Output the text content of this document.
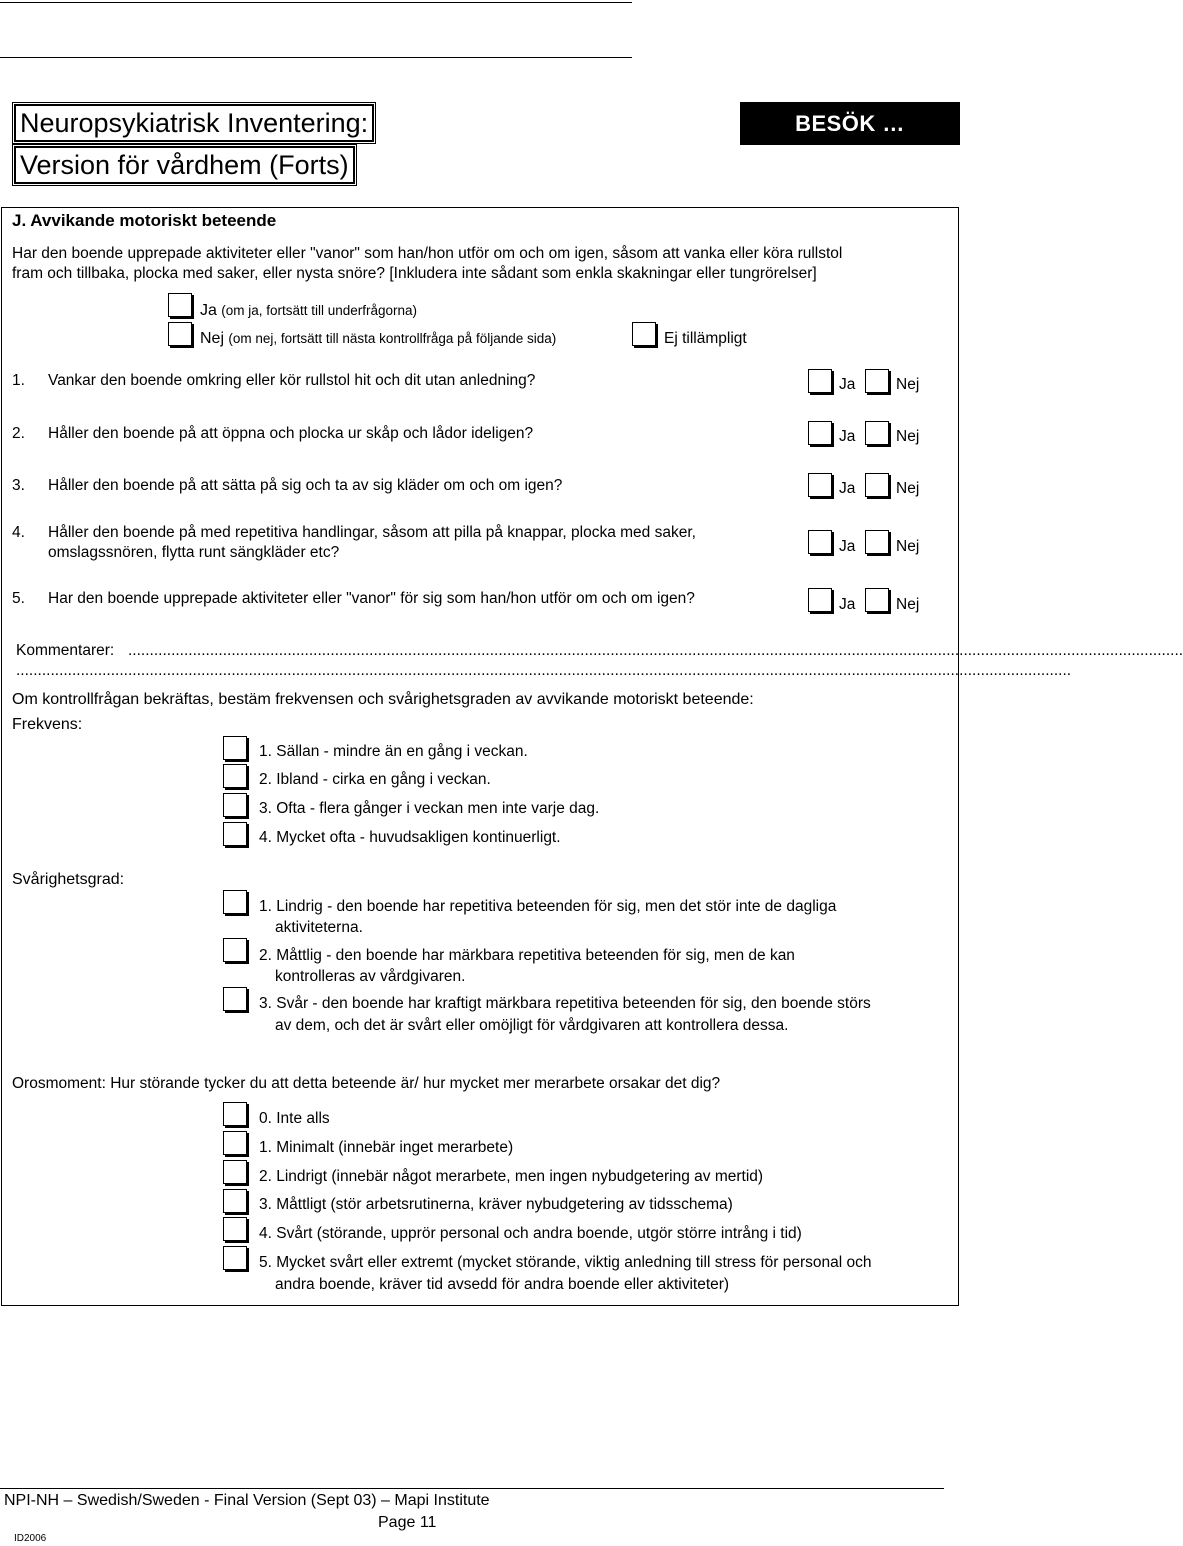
Neuropsykiatrisk Inventering:
Version för vårdhem (Forts)
BESÖK …
J. Avvikande motoriskt beteende
Har den boende upprepade aktiviteter eller "vanor" som han/hon utför om och om igen, såsom att vanka eller köra rullstol
fram och tillbaka, plocka med saker, eller nysta snöre? [Inkludera inte sådant som enkla skakningar eller tungrörelser]
Ja (om ja, fortsätt till underfrågorna)
Nej (om nej, fortsätt till nästa kontrollfråga på följande sida)	Ej tillämpligt
1. Vankar den boende omkring eller kör rullstol hit och dit utan anledning?	Ja	Nej
2. Håller den boende på att öppna och plocka ur skåp och lådor ideligen?	Ja	Nej
3. Håller den boende på att sätta på sig och ta av sig kläder om och om igen?	Ja	Nej
4. Håller den boende på med repetitiva handlingar, såsom att pilla på knappar, plocka med saker,
omslagssnören, flytta runt sängkläder etc?	Ja	Nej
5. Har den boende upprepade aktiviteter eller "vanor" för sig som han/hon utför om och om igen?	Ja	Nej
Kommentarer: .....................................................................................................................................................................................................................................................
.....................................................................................................................................................................................................................................................
Om kontrollfrågan bekräftas, bestäm frekvensen och svårighetsgraden av avvikande motoriskt beteende:
Frekvens:
1. Sällan - mindre än en gång i veckan.
2. Ibland - cirka en gång i veckan.
3. Ofta - flera gånger i veckan men inte varje dag.
4. Mycket ofta - huvudsakligen kontinuerligt.
Svårighetsgrad:
1. Lindrig - den boende har repetitiva beteenden för sig, men det stör inte de dagliga
aktiviteterna.
2. Måttlig - den boende har märkbara repetitiva beteenden för sig, men de kan
kontrolleras av vårdgivaren.
3. Svår - den boende har kraftigt märkbara repetitiva beteenden för sig, den boende störs
av dem, och det är svårt eller omöjligt för vårdgivaren att kontrollera dessa.
Orosmoment: Hur störande tycker du att detta beteende är/ hur mycket mer merarbete orsakar det dig?
0. Inte alls
1. Minimalt (innebär inget merarbete)
2. Lindrigt (innebär något merarbete, men ingen nybudgetering av mertid)
3. Måttligt (stör arbetsrutinerna, kräver nybudgetering av tidsschema)
4. Svårt (störande, upprör personal och andra boende, utgör större intrång i tid)
5. Mycket svårt eller extremt (mycket störande, viktig anledning till stress för personal och
andra boende, kräver tid avsedd för andra boende eller aktiviteter)
NPI-NH – Swedish/Sweden - Final Version (Sept 03) – Mapi Institute
Page 11
ID2006
